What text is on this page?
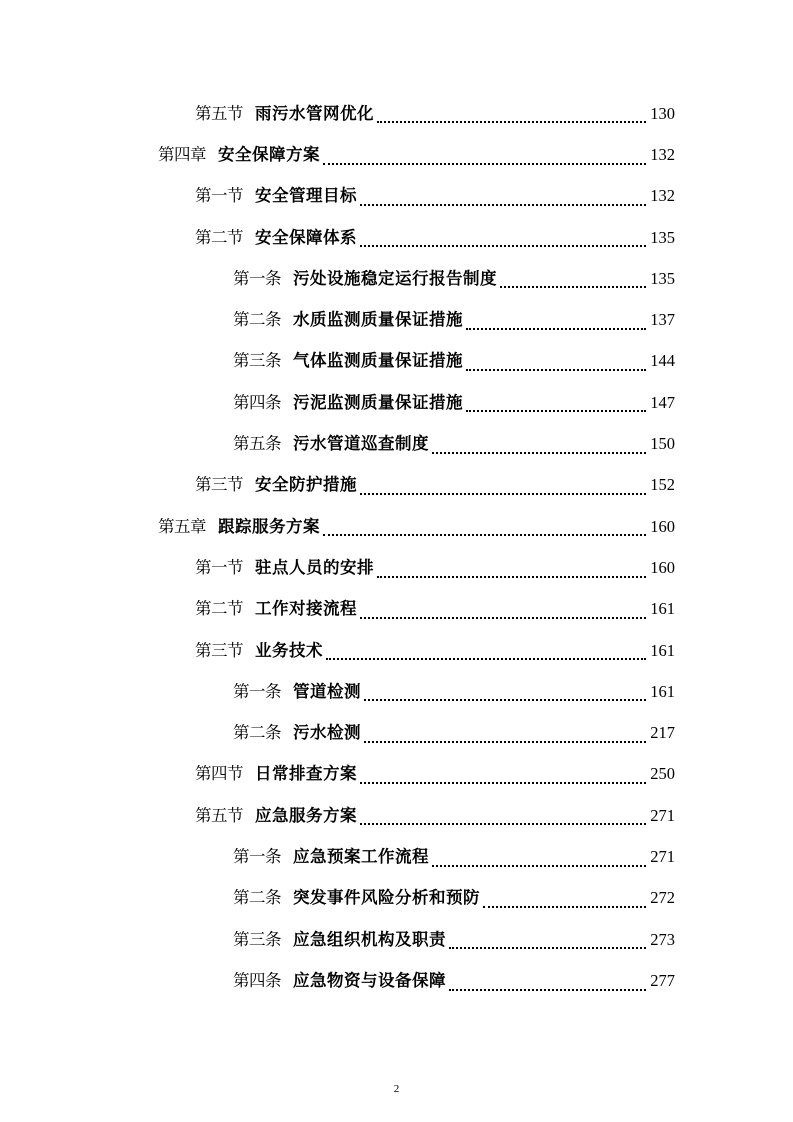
第五节 雨污水管网优化	130
第四章 安全保障方案	132
第一节 安全管理目标	132
第二节 安全保障体系	135
第一条 污处设施稳定运行报告制度	135
第二条 水质监测质量保证措施	137
第三条 气体监测质量保证措施	144
第四条 污泥监测质量保证措施	147
第五条 污水管道巡查制度	150
第三节 安全防护措施	152
第五章 跟踪服务方案	160
第一节 驻点人员的安排	160
第二节 工作对接流程	161
第三节 业务技术	161
第一条 管道检测	161
第二条 污水检测	217
第四节 日常排查方案	250
第五节 应急服务方案	271
第一条 应急预案工作流程	271
第二条 突发事件风险分析和预防	272
第三条 应急组织机构及职责	273
第四条 应急物资与设备保障	277
2
